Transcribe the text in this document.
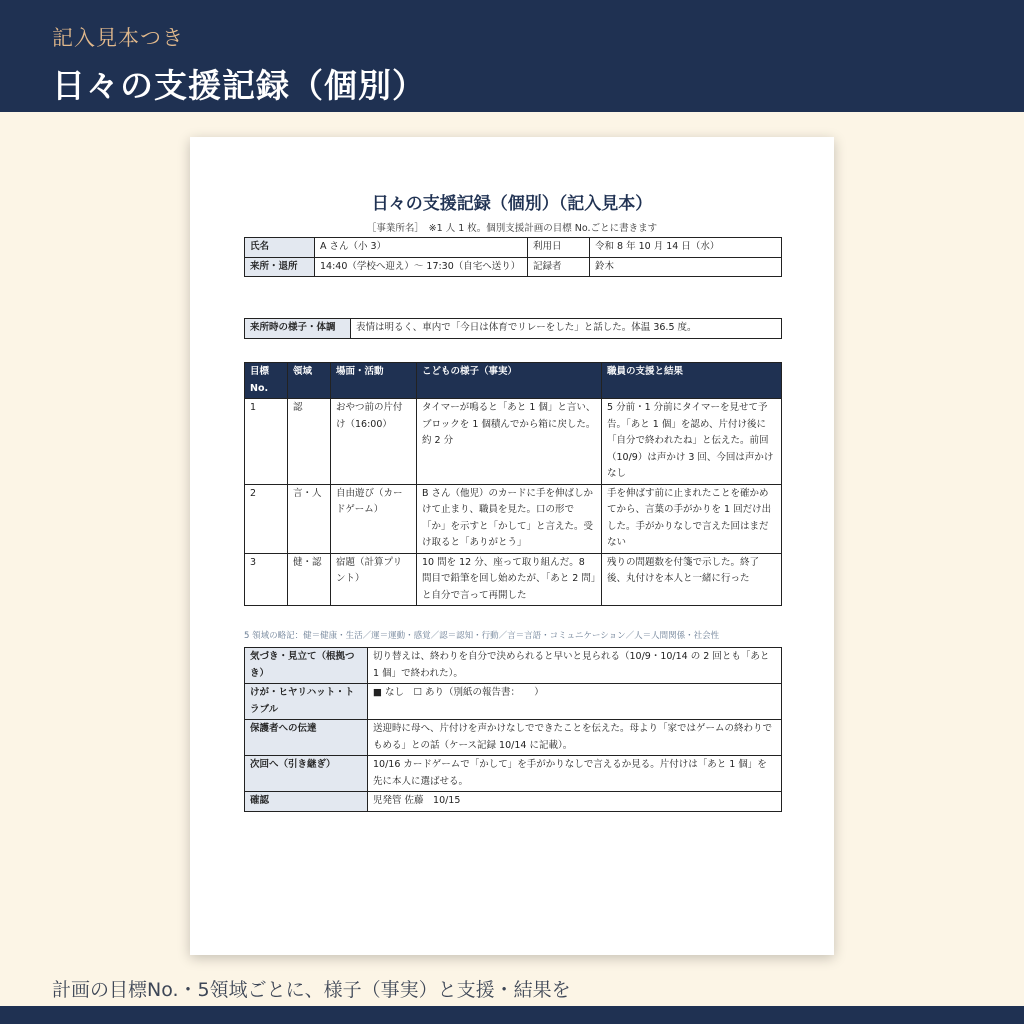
記入見本つき
日々の支援記録（個別）
日々の支援記録（個別）（記入見本）
［事業所名］　※1 人 1 枚。個別支援計画の目標 No.ごとに書きます
氏名	A さん（小 3）	利用日	令和 8 年 10 月 14 日（水）
来所・退所	14:40（学校へ迎え）〜 17:30（自宅へ送り）	記録者	鈴木
来所時の様子・体調	表情は明るく、車内で「今日は体育でリレーをした」と話した。体温 36.5 度。
目標 No.	領域	場面・活動	こどもの様子（事実）	職員の支援と結果
1	認	おやつ前の片付け（16:00）	タイマーが鳴ると「あと 1 個」と言い、ブロックを 1 個積んでから箱に戻した。約 2 分	5 分前・1 分前にタイマーを見せて予告。「あと 1 個」を認め、片付け後に「自分で終われたね」と伝えた。前回（10/9）は声かけ 3 回、今回は声かけなし
2	言・人	自由遊び（カードゲーム）	B さん（他児）のカードに手を伸ばしかけて止まり、職員を見た。口の形で「か」を示すと「かして」と言えた。受け取ると「ありがとう」	手を伸ばす前に止まれたことを確かめてから、言葉の手がかりを 1 回だけ出した。手がかりなしで言えた回はまだない
3	健・認	宿題（計算プリント）	10 問を 12 分、座って取り組んだ。8 問目で鉛筆を回し始めたが、「あと 2 問」と自分で言って再開した	残りの問題数を付箋で示した。終了後、丸付けを本人と一緒に行った
5 領域の略記：健＝健康・生活／運＝運動・感覚／認＝認知・行動／言＝言語・コミュニケーション／人＝人間関係・社会性
気づき・見立て（根拠つき）	切り替えは、終わりを自分で決められると早いと見られる（10/9・10/14 の 2 回とも「あと 1 個」で終われた）。
けが・ヒヤリハット・トラブル	■ なし　☐ あり（別紙の報告書：　　）
保護者への伝達	送迎時に母へ、片付けを声かけなしでできたことを伝えた。母より「家ではゲームの終わりでもめる」との話（ケース記録 10/14 に記載）。
次回へ（引き継ぎ）	10/16 カードゲームで「かして」を手がかりなしで言えるか見る。片付けは「あと 1 個」を先に本人に選ばせる。
確認	児発管 佐藤　10/15
計画の目標No.・5領域ごとに、様子（事実）と支援・結果を
